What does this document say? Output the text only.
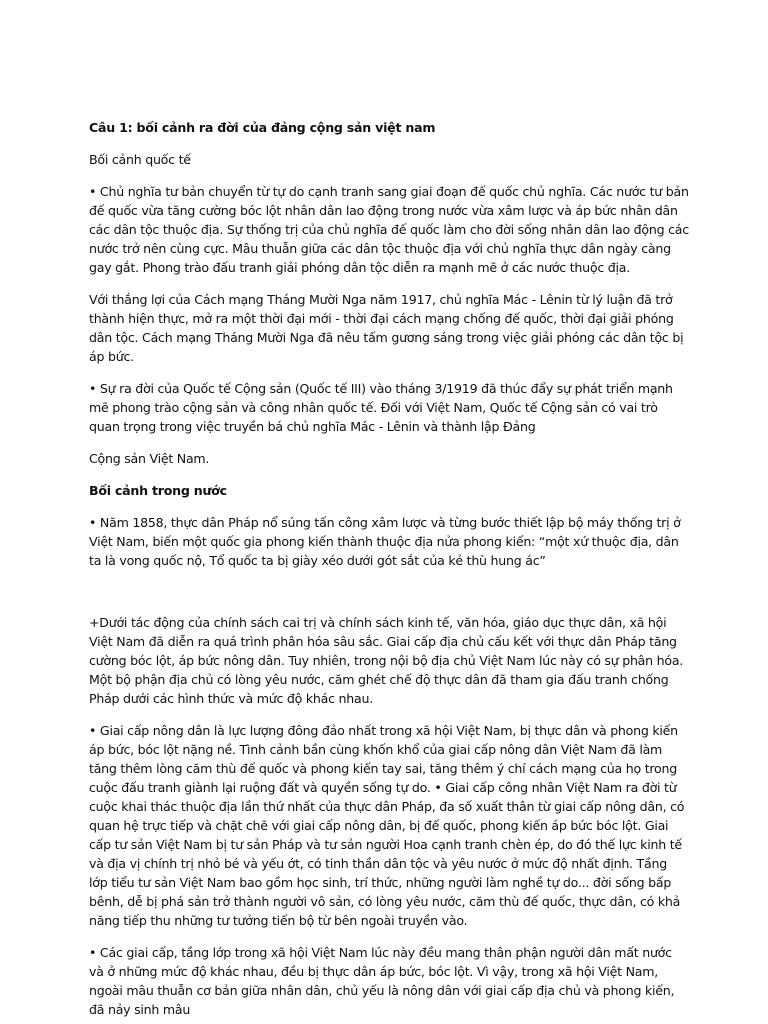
Câu 1: bối cảnh ra đời của đảng cộng sản việt nam

Bối cảnh quốc tế

• Chủ nghĩa tư bản chuyển từ tự do cạnh tranh sang giai đoạn đế quốc chủ nghĩa. Các nước tư bản đế quốc vừa tăng cường bóc lột nhân dân lao động trong nước vừa xâm lược và áp bức nhân dân các dân tộc thuộc địa. Sự thống trị của chủ nghĩa đế quốc làm cho đời sống nhân dân lao động các nước trở nên cùng cực. Mâu thuẫn giữa các dân tộc thuộc địa với chủ nghĩa thực dân ngày càng gay gắt. Phong trào đấu tranh giải phóng dân tộc diễn ra mạnh mẽ ở các nước thuộc địa.

Với thắng lợi của Cách mạng Tháng Mười Nga năm 1917, chủ nghĩa Mác - Lênin từ lý luận đã trở thành hiện thực, mở ra một thời đại mới - thời đại cách mạng chống đế quốc, thời đại giải phóng dân tộc. Cách mạng Tháng Mười Nga đã nêu tấm gương sáng trong việc giải phóng các dân tộc bị áp bức.

• Sự ra đời của Quốc tế Cộng sản (Quốc tế III) vào tháng 3/1919 đã thúc đẩy sự phát triển mạnh mẽ phong trào cộng sản và công nhân quốc tế. Đối với Việt Nam, Quốc tế Cộng sản có vai trò quan trọng trong việc truyền bá chủ nghĩa Mác - Lênin và thành lập Đảng

Cộng sản Việt Nam.

Bối cảnh trong nước

• Năm 1858, thực dân Pháp nổ súng tấn công xâm lược và từng bước thiết lập bộ máy thống trị ở Việt Nam, biến một quốc gia phong kiến thành thuộc địa nửa phong kiến: “một xứ thuộc địa, dân ta là vong quốc nộ, Tổ quốc ta bị giày xéo dưới gót sắt của kẻ thù hung ác”

+Dưới tác động của chính sách cai trị và chính sách kinh tế, văn hóa, giáo dục thực dân, xã hội Việt Nam đã diễn ra quá trình phân hóa sâu sắc. Giai cấp địa chủ cấu kết với thực dân Pháp tăng cường bóc lột, áp bức nông dân. Tuy nhiên, trong nội bộ địa chủ Việt Nam lúc này có sự phân hóa. Một bộ phận địa chủ có lòng yêu nước, căm ghét chế độ thực dân đã tham gia đấu tranh chống Pháp dưới các hình thức và mức độ khác nhau.

• Giai cấp nông dân là lực lượng đông đảo nhất trong xã hội Việt Nam, bị thực dân và phong kiến áp bức, bóc lột nặng nề. Tình cảnh bần cùng khốn khổ của giai cấp nông dân Việt Nam đã làm tăng thêm lòng căm thù đế quốc và phong kiến tay sai, tăng thêm ý chí cách mạng của họ trong cuộc đấu tranh giành lại ruộng đất và quyền sống tự do. • Giai cấp công nhân Việt Nam ra đời từ cuộc khai thác thuộc địa lần thứ nhất của thực dân Pháp, đa số xuất thân từ giai cấp nông dân, có quan hệ trực tiếp và chặt chẽ với giai cấp nông dân, bị đế quốc, phong kiến áp bức bóc lột. Giai cấp tư sản Việt Nam bị tư sản Pháp và tư sản người Hoa cạnh tranh chèn ép, do đó thế lực kinh tế và địa vị chính trị nhỏ bé và yếu ớt, có tinh thần dân tộc và yêu nước ở mức độ nhất định. Tầng lớp tiểu tư sản Việt Nam bao gồm học sinh, trí thức, những người làm nghề tự do... đời sống bấp bênh, dễ bị phá sản trở thành người vô sản, có lòng yêu nước, căm thù đế quốc, thực dân, có khả năng tiếp thu những tư tưởng tiến bộ từ bên ngoài truyền vào.

• Các giai cấp, tầng lớp trong xã hội Việt Nam lúc này đều mang thân phận người dân mất nước và ở những mức độ khác nhau, đều bị thực dân áp bức, bóc lột. Vì vậy, trong xã hội Việt Nam, ngoài mâu thuẫn cơ bản giữa nhân dân, chủ yếu là nông dân với giai cấp địa chủ và phong kiến, đã nảy sinh mâu
